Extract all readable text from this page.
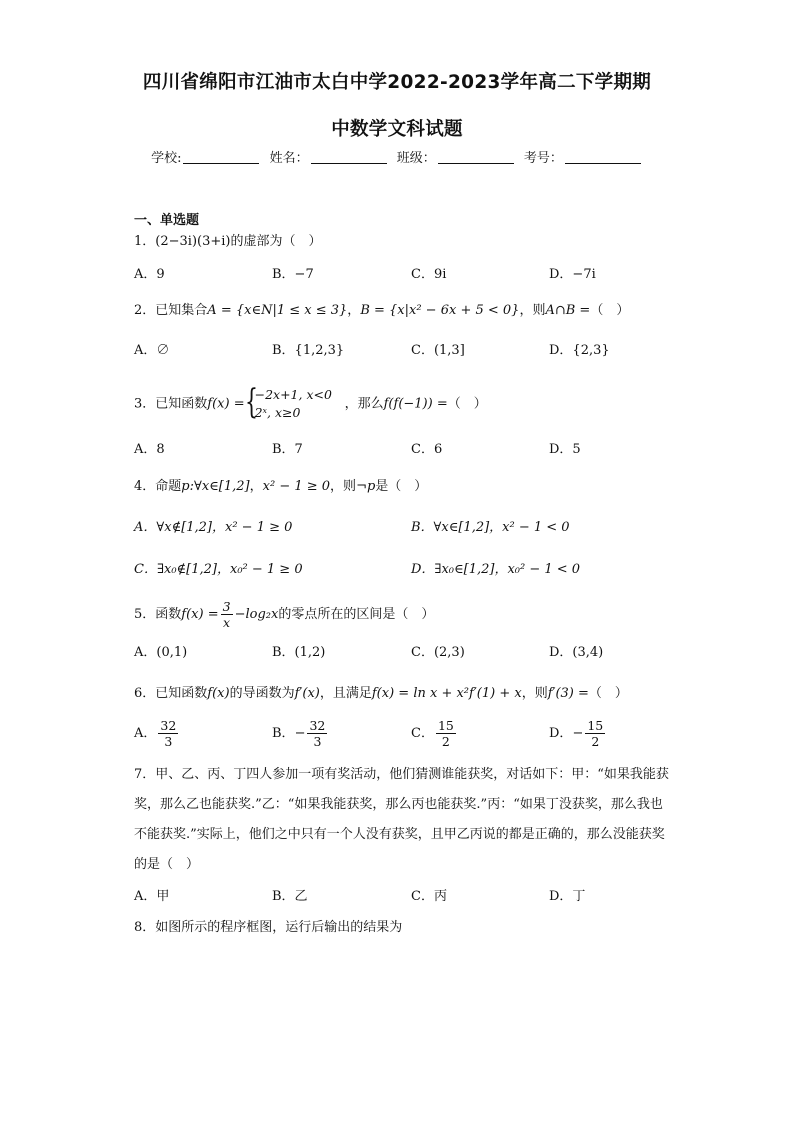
四川省绵阳市江油市太白中学2022-2023学年高二下学期期
中数学文科试题
学校:	姓名：	班级：	考号：
一、单选题
1．(2−3i)(3+i)的虚部为（　）
A．9	B．−7	C．9i	D．−7i
2．已知集合A = {x∈N|1 ≤ x ≤ 3}，B = {x|x² − 6x + 5 < 0}，则A∩B =（　）
A．∅	B．{1,2,3}	C．(1,3]	D．{2,3}
3．已知函数f(x) = {
−2x+1, x<0
2ˣ, x≥0
，那么f(f(−1)) =（　）
A．8	B．7	C．6	D．5
4．命题p:∀x∈[1,2]，x² − 1 ≥ 0，则¬p是（　）
A．∀x∉[1,2]，x² − 1 ≥ 0	B．∀x∈[1,2]，x² − 1 < 0
C．∃x₀∉[1,2]，x₀² − 1 ≥ 0	D．∃x₀∈[1,2]，x₀² − 1 < 0
5．函数$f(x) = \frac{3}{x} -\log_2x$的零点所在的区间是（　）
A．(0,1)	B．(1,2)	C．(2,3)	D．(3,4)
6．已知函数f(x)的导函数为f′(x)，且满足f(x) = ln x + x²f′(1) + x，则f′(3) =（　）
A． $\frac{32}{3}$	B．− $\frac{32}{3}$	C． $\frac{15}{2}$	D．− $\frac{15}{2}$
7．甲、乙、丙、丁四人参加一项有奖活动，他们猜测谁能获奖，对话如下：甲：“如果我能获奖，那么乙也能获奖.”乙：“如果我能获奖，那么丙也能获奖.”丙：“如果丁没获奖，那么我也不能获奖.”实际上，他们之中只有一个人没有获奖，且甲乙丙说的都是正确的，那么没能获奖的是（　）
A．甲	B．乙	C．丙	D．丁
8．如图所示的程序框图，运行后输出的结果为
